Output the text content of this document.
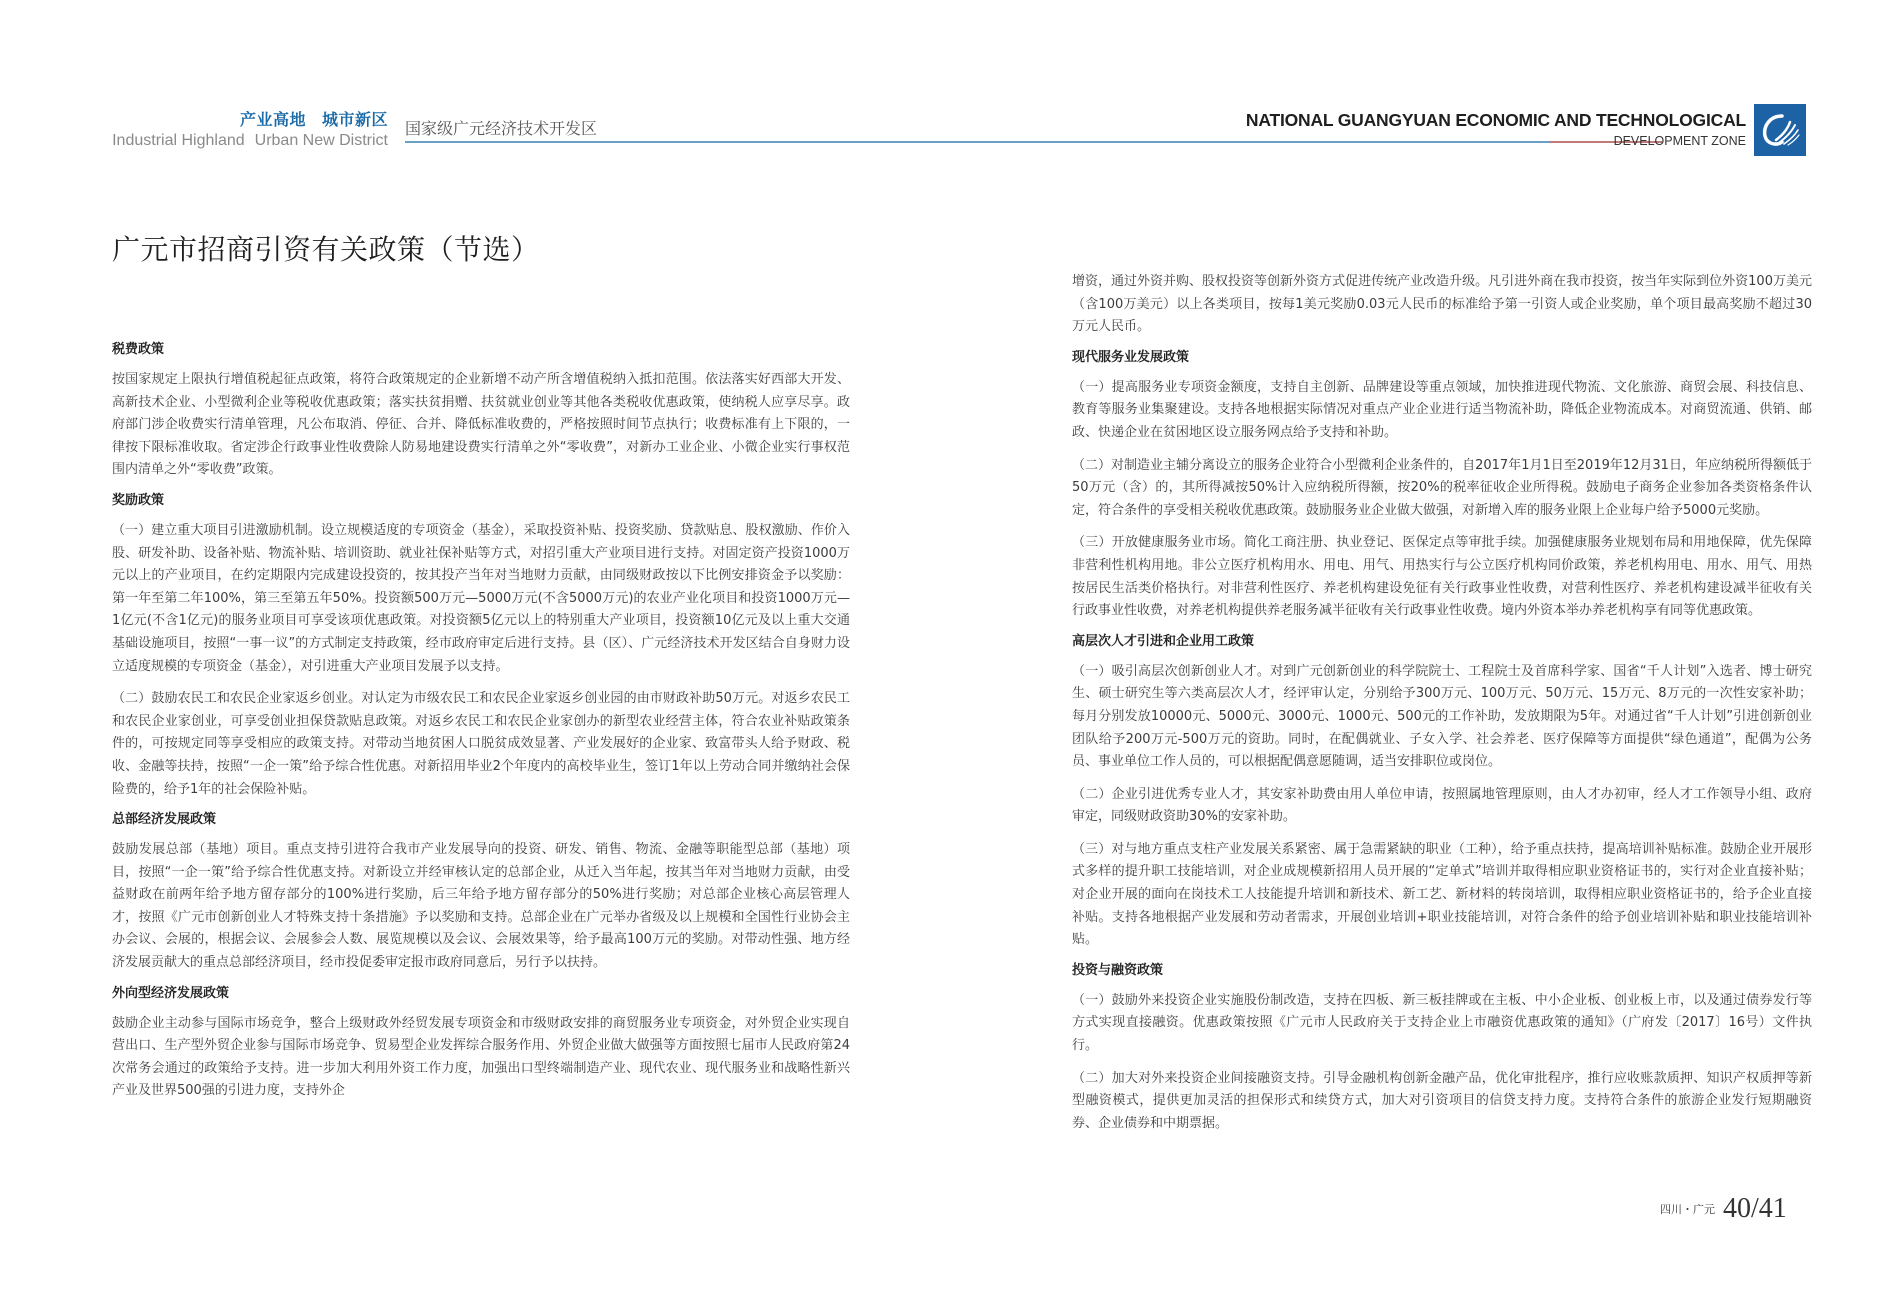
产业高地 城市新区
Industrial Highland Urban New District
国家级广元经济技术开发区	NATIONAL GUANGYUAN ECONOMIC AND TECHNOLOGICAL
DEVELOPMENT ZONE
广元市招商引资有关政策（节选）
税费政策
按国家规定上限执行增值税起征点政策，将符合政策规定的企业新增不动产所含增值税纳入抵扣范围。依法落实好西部大开发、高新技术企业、小型微利企业等税收优惠政策；落实扶贫捐赠、扶贫就业创业等其他各类税收优惠政策，使纳税人应享尽享。政府部门涉企收费实行清单管理，凡公布取消、停征、合并、降低标准收费的，严格按照时间节点执行；收费标准有上下限的，一律按下限标准收取。省定涉企行政事业性收费除人防易地建设费实行清单之外“零收费”，对新办工业企业、小微企业实行事权范围内清单之外“零收费”政策。
奖励政策
（一）建立重大项目引进激励机制。设立规模适度的专项资金（基金），采取投资补贴、投资奖励、贷款贴息、股权激励、作价入股、研发补助、设备补贴、物流补贴、培训资助、就业社保补贴等方式，对招引重大产业项目进行支持。对固定资产投资1000万元以上的产业项目，在约定期限内完成建设投资的，按其投产当年对当地财力贡献，由同级财政按以下比例安排资金予以奖励：第一年至第二年100%，第三至第五年50%。投资额500万元—5000万元(不含5000万元)的农业产业化项目和投资1000万元—1亿元(不含1亿元)的服务业项目可享受该项优惠政策。对投资额5亿元以上的特别重大产业项目，投资额10亿元及以上重大交通基础设施项目，按照“一事一议”的方式制定支持政策，经市政府审定后进行支持。县（区）、广元经济技术开发区结合自身财力设立适度规模的专项资金（基金），对引进重大产业项目发展予以支持。
（二）鼓励农民工和农民企业家返乡创业。对认定为市级农民工和农民企业家返乡创业园的由市财政补助50万元。对返乡农民工和农民企业家创业，可享受创业担保贷款贴息政策。对返乡农民工和农民企业家创办的新型农业经营主体，符合农业补贴政策条件的，可按规定同等享受相应的政策支持。对带动当地贫困人口脱贫成效显著、产业发展好的企业家、致富带头人给予财政、税收、金融等扶持，按照“一企一策”给予综合性优惠。对新招用毕业2个年度内的高校毕业生，签订1年以上劳动合同并缴纳社会保险费的，给予1年的社会保险补贴。
总部经济发展政策
鼓励发展总部（基地）项目。重点支持引进符合我市产业发展导向的投资、研发、销售、物流、金融等职能型总部（基地）项目，按照“一企一策”给予综合性优惠支持。对新设立并经审核认定的总部企业，从迁入当年起，按其当年对当地财力贡献，由受益财政在前两年给予地方留存部分的100%进行奖励，后三年给予地方留存部分的50%进行奖励；对总部企业核心高层管理人才，按照《广元市创新创业人才特殊支持十条措施》予以奖励和支持。总部企业在广元举办省级及以上规模和全国性行业协会主办会议、会展的，根据会议、会展参会人数、展览规模以及会议、会展效果等，给予最高100万元的奖励。对带动性强、地方经济发展贡献大的重点总部经济项目，经市投促委审定报市政府同意后，另行予以扶持。
外向型经济发展政策
鼓励企业主动参与国际市场竞争，整合上级财政外经贸发展专项资金和市级财政安排的商贸服务业专项资金，对外贸企业实现自营出口、生产型外贸企业参与国际市场竞争、贸易型企业发挥综合服务作用、外贸企业做大做强等方面按照七届市人民政府第24次常务会通过的政策给予支持。进一步加大利用外资工作力度，加强出口型终端制造产业、现代农业、现代服务业和战略性新兴产业及世界500强的引进力度，支持外企
增资，通过外资并购、股权投资等创新外资方式促进传统产业改造升级。凡引进外商在我市投资，按当年实际到位外资100万美元（含100万美元）以上各类项目，按每1美元奖励0.03元人民币的标准给予第一引资人或企业奖励，单个项目最高奖励不超过30万元人民币。
现代服务业发展政策
（一）提高服务业专项资金额度，支持自主创新、品牌建设等重点领域，加快推进现代物流、文化旅游、商贸会展、科技信息、教育等服务业集聚建设。支持各地根据实际情况对重点产业企业进行适当物流补助，降低企业物流成本。对商贸流通、供销、邮政、快递企业在贫困地区设立服务网点给予支持和补助。
（二）对制造业主辅分离设立的服务企业符合小型微利企业条件的，自2017年1月1日至2019年12月31日，年应纳税所得额低于50万元（含）的，其所得减按50%计入应纳税所得额，按20%的税率征收企业所得税。鼓励电子商务企业参加各类资格条件认定，符合条件的享受相关税收优惠政策。鼓励服务业企业做大做强，对新增入库的服务业限上企业每户给予5000元奖励。
（三）开放健康服务业市场。简化工商注册、执业登记、医保定点等审批手续。加强健康服务业规划布局和用地保障，优先保障非营利性机构用地。非公立医疗机构用水、用电、用气、用热实行与公立医疗机构同价政策，养老机构用电、用水、用气、用热按居民生活类价格执行。对非营利性医疗、养老机构建设免征有关行政事业性收费，对营利性医疗、养老机构建设减半征收有关行政事业性收费，对养老机构提供养老服务减半征收有关行政事业性收费。境内外资本举办养老机构享有同等优惠政策。
高层次人才引进和企业用工政策
（一）吸引高层次创新创业人才。对到广元创新创业的科学院院士、工程院士及首席科学家、国省“千人计划”入选者、博士研究生、硕士研究生等六类高层次人才，经评审认定，分别给予300万元、100万元、50万元、15万元、8万元的一次性安家补助；每月分别发放10000元、5000元、3000元、1000元、500元的工作补助，发放期限为5年。对通过省“千人计划”引进创新创业团队给予200万元-500万元的资助。同时，在配偶就业、子女入学、社会养老、医疗保障等方面提供“绿色通道”，配偶为公务员、事业单位工作人员的，可以根据配偶意愿随调，适当安排职位或岗位。
（二）企业引进优秀专业人才，其安家补助费由用人单位申请，按照属地管理原则，由人才办初审，经人才工作领导小组、政府审定，同级财政资助30%的安家补助。
（三）对与地方重点支柱产业发展关系紧密、属于急需紧缺的职业（工种），给予重点扶持，提高培训补贴标准。鼓励企业开展形式多样的提升职工技能培训，对企业成规模新招用人员开展的“定单式”培训并取得相应职业资格证书的，实行对企业直接补贴；对企业开展的面向在岗技术工人技能提升培训和新技术、新工艺、新材料的转岗培训，取得相应职业资格证书的，给予企业直接补贴。支持各地根据产业发展和劳动者需求，开展创业培训+职业技能培训，对符合条件的给予创业培训补贴和职业技能培训补贴。
投资与融资政策
（一）鼓励外来投资企业实施股份制改造，支持在四板、新三板挂牌或在主板、中小企业板、创业板上市，以及通过债券发行等方式实现直接融资。优惠政策按照《广元市人民政府关于支持企业上市融资优惠政策的通知》（广府发〔2017〕16号）文件执行。
（二）加大对外来投资企业间接融资支持。引导金融机构创新金融产品，优化审批程序，推行应收账款质押、知识产权质押等新型融资模式，提供更加灵活的担保形式和续贷方式，加大对引资项目的信贷支持力度。支持符合条件的旅游企业发行短期融资券、企业债券和中期票据。
四川・广元 40/41
